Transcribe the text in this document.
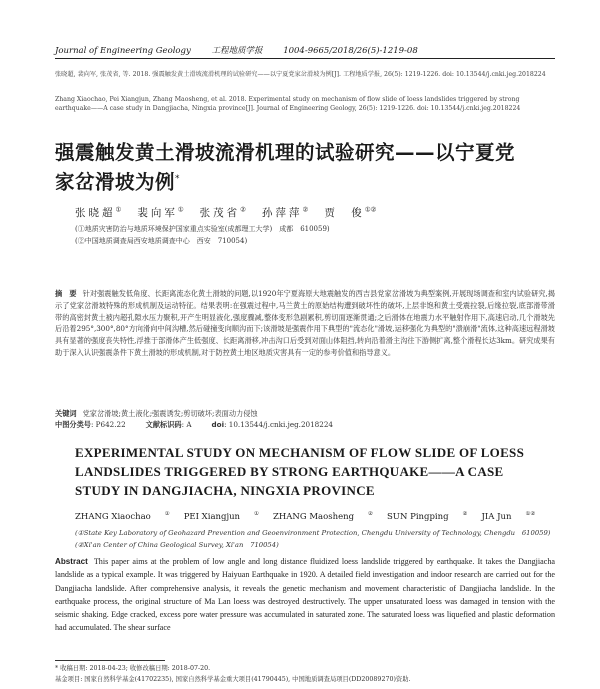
Journal of Engineering Geology 工程地质学报 1004-9665/2018/26(5)-1219-08
张晓超, 裴向军, 张茂省, 等. 2018. 强震触发黄土滑坡流滑机理的试验研究——以宁夏党家岔滑坡为例[J]. 工程地质学报, 26(5): 1219-1226. doi: 10.13544/j.cnki.jeg.2018224
Zhang Xiaochao, Pei Xiangjun, Zhang Maosheng, et al. 2018. Experimental study on mechanism of flow slide of loess landslides triggered by strong earthquake——A case study in Dangjiacha, Ningxia province[J]. Journal of Engineering Geology, 26(5): 1219-1226. doi: 10.13544/j.cnki.jeg.2018224
强震触发黄土滑坡流滑机理的试验研究——以宁夏党
家岔滑坡为例*
张晓超① 裴向军① 张茂省② 孙萍萍② 贾　俊①②
(①地质灾害防治与地质环境保护国家重点实验室(成都理工大学)　成都　610059)
(②中国地质调查局西安地质调查中心　西安　710054)
摘　要 针对强震触发低角度、长距离流态化黄土滑坡的问题,以1920年宁夏海原大地震触发的西吉县党家岔滑坡为典型案例,开展现场调查和室内试验研究,揭示了党家岔滑坡特殊的形成机制及运动特征。结果表明:在强震过程中,马兰黄土的原始结构遭到破坏性的破坏,上层非饱和黄土受震拉裂,后缘拉裂,底部滑带滑带的高密封黄土被内超孔隙水压力聚积,开产生明显液化,强度骤减,整体变形急剧累积,剪切面逐渐贯通;之后滑体在地震力水平触射作用下,高速启动,几个滑坡先后沿着295°,300°,80°方向滑向中间沟槽,然后碰撞变向顺沟而下;该滑坡是强震作用下典型的"流态化"滑坡,运移强化为典型的"溃崩滑"流体,这种高速远程滑坡具有显著的强度丧失特性,浮推于部滑体产生低强度、长距离滑移,冲击沟口后受到对面山体阻挡,转向沿着滑主沟往下游侧扩离,整个滑程长达3km。研究成果有助于深入认识强震条件下黄土滑坡的形成机制,对于防控黄土地区地质灾害具有一定的参考价值和指导意义。
关键词 党家岔滑坡;黄土液化;强震诱发;剪切破坏;表面动力侵蚀
中图分类号: P642.22	文献标识码: A	doi: 10.13544/j.cnki.jeg.2018224
EXPERIMENTAL STUDY ON MECHANISM OF FLOW SLIDE OF LOESS LANDSLIDES TRIGGERED BY STRONG EARTHQUAKE——A CASE STUDY IN DANGJIACHA, NINGXIA PROVINCE
ZHANG Xiaochao	① PEI Xiangjun	① ZHANG Maosheng	② SUN Pingping	② JIA Jun	①②
(①State Key Laboratory of Geohazard Prevention and Geoenvironment Protection, Chengdu University of Technology, Chengdu　610059)
(②Xi'an Center of China Geological Survey, Xi'an　710054)
Abstract This paper aims at the problem of low angle and long distance fluidized loess landslide triggered by earthquake. It takes the Dangjiacha landslide as a typical example. It was triggered by Haiyuan Earthquake in 1920. A detailed field investigation and indoor research are carried out for the Dangjiacha landslide. After comprehensive analysis, it reveals the genetic mechanism and movement characteristic of Dangjiacha landslide. In the earthquake process, the original structure of Ma Lan loess was destroyed destructively. The upper unsaturated loess was damaged in tension with the seismic shaking. Edge cracked, excess pore water pressure was accumulated in saturated zone. The saturated loess was liquefied and plastic deformation had accumulated. The shear surface
* 收稿日期: 2018-04-23; 收修改稿日期: 2018-07-20.
基金项目: 国家自然科学基金(41702235), 国家自然科学基金重大项目(41790445), 中国地质调查局项目(DD20089270)资助.
